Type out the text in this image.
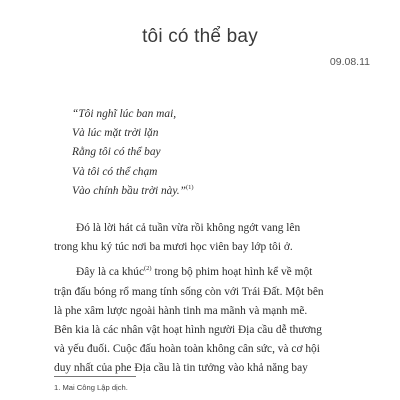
tôi có thể bay

09.08.11

“Tôi nghĩ lúc ban mai,
Và lúc mặt trời lặn
Rằng tôi có thể bay
Và tôi có thể chạm
Vào chính bầu trời này.”$^{(1)}$
Đó là lời hát cả tuần vừa rồi không ngớt vang lên
trong khu ký túc nơi ba mươi học viên bay lớp tôi ở.
Đây là ca khúc$^{(2)}$ trong bộ phim hoạt hình kể về một
trận đấu bóng rổ mang tính sống còn với Trái Đất. Một bên
là phe xâm lược ngoài hành tinh ma mãnh và mạnh mẽ.
Bên kia là các nhân vật hoạt hình người Địa cầu dễ thương
và yếu đuối. Cuộc đấu hoàn toàn không cân sức, và cơ hội
duy nhất của phe Địa cầu là tin tưởng vào khả năng bay

1. Mai Công Lập dịch.
